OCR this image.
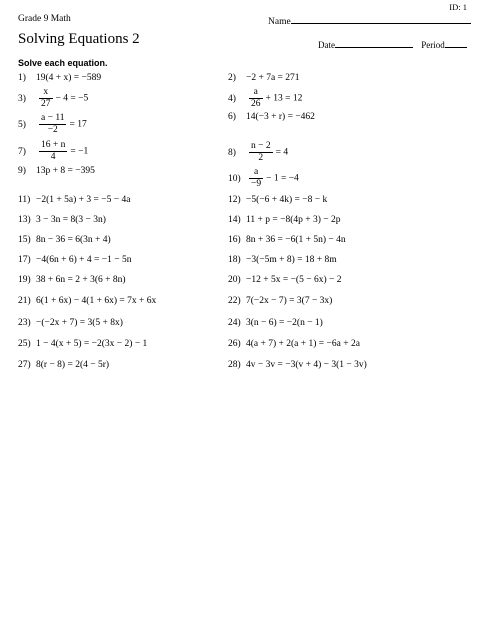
ID: 1
Grade 9 Math	Name
Solving Equations 2	Date	Period
Solve each equation.
1) 19(4 + x) = −589	2) −2 + 7a = 271
$3) \frac{x}{27} - 4 = -5$	$4) \frac{a}{26} + 13 = 12$
$5) \frac{a - 11}{-2} = 17$
6) 14(−3 + r) = −462
$7) \frac{16 + n}{4} = -1$	$8) \frac{n - 2}{2} = 4$
9) 13p + 8 = −395
$10) \frac{a}{-9} - 1 = -4$
11) −2(1 + 5a) + 3 = −5 − 4a	12) −5(−6 + 4k) = −8 − k
13) 3 − 3n = 8(3 − 3n)	14) 11 + p = −8(4p + 3) − 2p
15) 8n − 36 = 6(3n + 4)	16) 8n + 36 = −6(1 + 5n) − 4n
17) −4(6n + 6) + 4 = −1 − 5n	18) −3(−5m + 8) = 18 + 8m
19) 38 + 6n = 2 + 3(6 + 8n)	20) −12 + 5x = −(5 − 6x) − 2
21) 6(1 + 6x) − 4(1 + 6x) = 7x + 6x	22) 7(−2x − 7) = 3(7 − 3x)
23) −(−2x + 7) = 3(5 + 8x)	24) 3(n − 6) = −2(n − 1)
25) 1 − 4(x + 5) = −2(3x − 2) − 1	26) 4(a + 7) + 2(a + 1) = −6a + 2a
27) 8(r − 8) = 2(4 − 5r)	28) 4v − 3v = −3(v + 4) − 3(1 − 3v)
